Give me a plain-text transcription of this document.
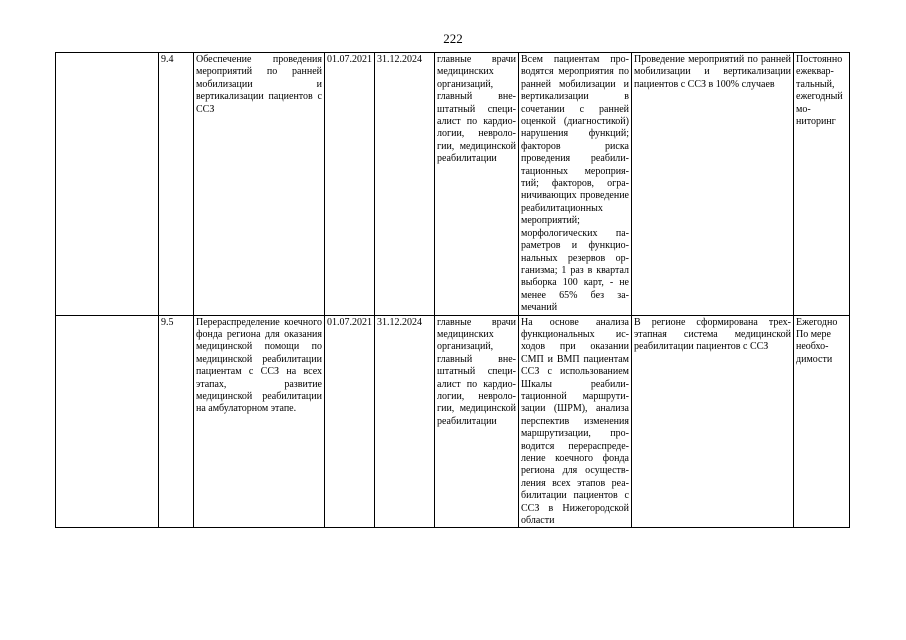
222
	9.4	Обеспечение проведения мероприятий по ранней мобилизации и вертикализации пациентов с ССЗ	01.07.2021	31.12.2024	главные врачи медицинских организаций, главный внештатный специалист по кардиологии, неврологии, медицинской реабилитации	Всем пациентам проводятся мероприятия по ранней мобилизации и вертикализации в сочетании с ранней оценкой (диагностикой) нарушения функций; факторов риска проведения реабилитационных мероприятий; факторов, ограничивающих проведение реабилитационных мероприятий; морфологических параметров и функциональных резервов организма; 1 раз в квартал выборка 100 карт, - не менее 65% без замечаний	Проведение мероприятий по ранней мобилизации и вертикализации пациентов с ССЗ в 100% случаев	Постоянно ежеквартальный, ежегодный мониторинг
	9.5	Перераспределение коечного фонда региона для оказания медицинской помощи по медицинской реабилитации пациентам с ССЗ на всех этапах, развитие медицинской реабилитации на амбулаторном этапе.	01.07.2021	31.12.2024	главные врачи медицинских организаций, главный внештатный специалист по кардиологии, неврологии, медицинской реабилитации	На основе анализа функциональных исходов при оказании СМП и ВМП пациентам ССЗ с использованием Шкалы реабилитационной маршрутизации (ШРМ), анализа перспектив изменения маршрутизации, проводится перераспределение коечного фонда региона для осуществления всех этапов реабилитации пациентов с ССЗ в Нижегородской области	В регионе сформирована трехэтапная система медицинской реабилитации пациентов с ССЗ	Ежегодно По мере необходимости
